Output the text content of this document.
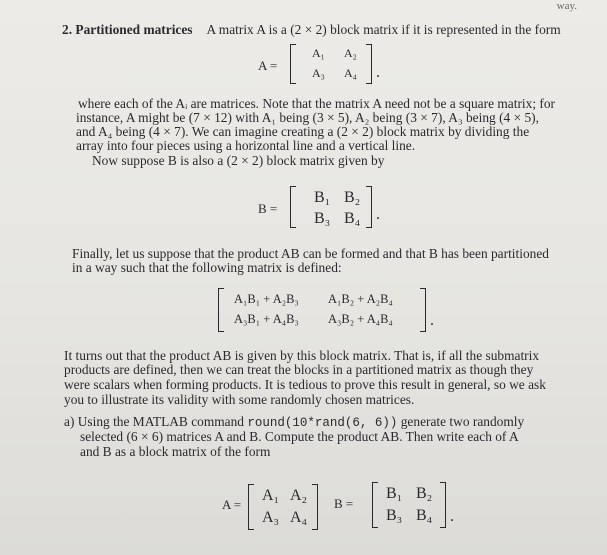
way.
2. Partitioned matrices A matrix A is a (2 × 2) block matrix if it is represented in the form
A =
A₁ A₂
A₃ A₄ .
where each of the Aᵢ are matrices. Note that the matrix A need not be a square matrix; for
instance, A might be (7 × 12) with A₁ being (3 × 5), A₂ being (3 × 7), A₃ being (4 × 5),
and A₄ being (4 × 7). We can imagine creating a (2 × 2) block matrix by dividing the
array into four pieces using a horizontal line and a vertical line.
Now suppose B is also a (2 × 2) block matrix given by
B =
B₁ B₂
B₃ B₄ .
Finally, let us suppose that the product AB can be formed and that B has been partitioned
in a way such that the following matrix is defined:
A₁B₁ + A₂B₃ A₁B₂ + A₂B₄
A₃B₁ + A₄B₃ A₃B₂ + A₄B₄ .
It turns out that the product AB is given by this block matrix. That is, if all the submatrix
products are defined, then we can treat the blocks in a partitioned matrix as though they
were scalars when forming products. It is tedious to prove this result in general, so we ask
you to illustrate its validity with some randomly chosen matrices.
a) Using the MATLAB command round(10*rand(6, 6)) generate two randomly
selected (6 × 6) matrices A and B. Compute the product AB. Then write each of A
and B as a block matrix of the form
A =
A₁ A₂
A₃ A₄
B =
B₁ B₂
B₃ B₄ .
